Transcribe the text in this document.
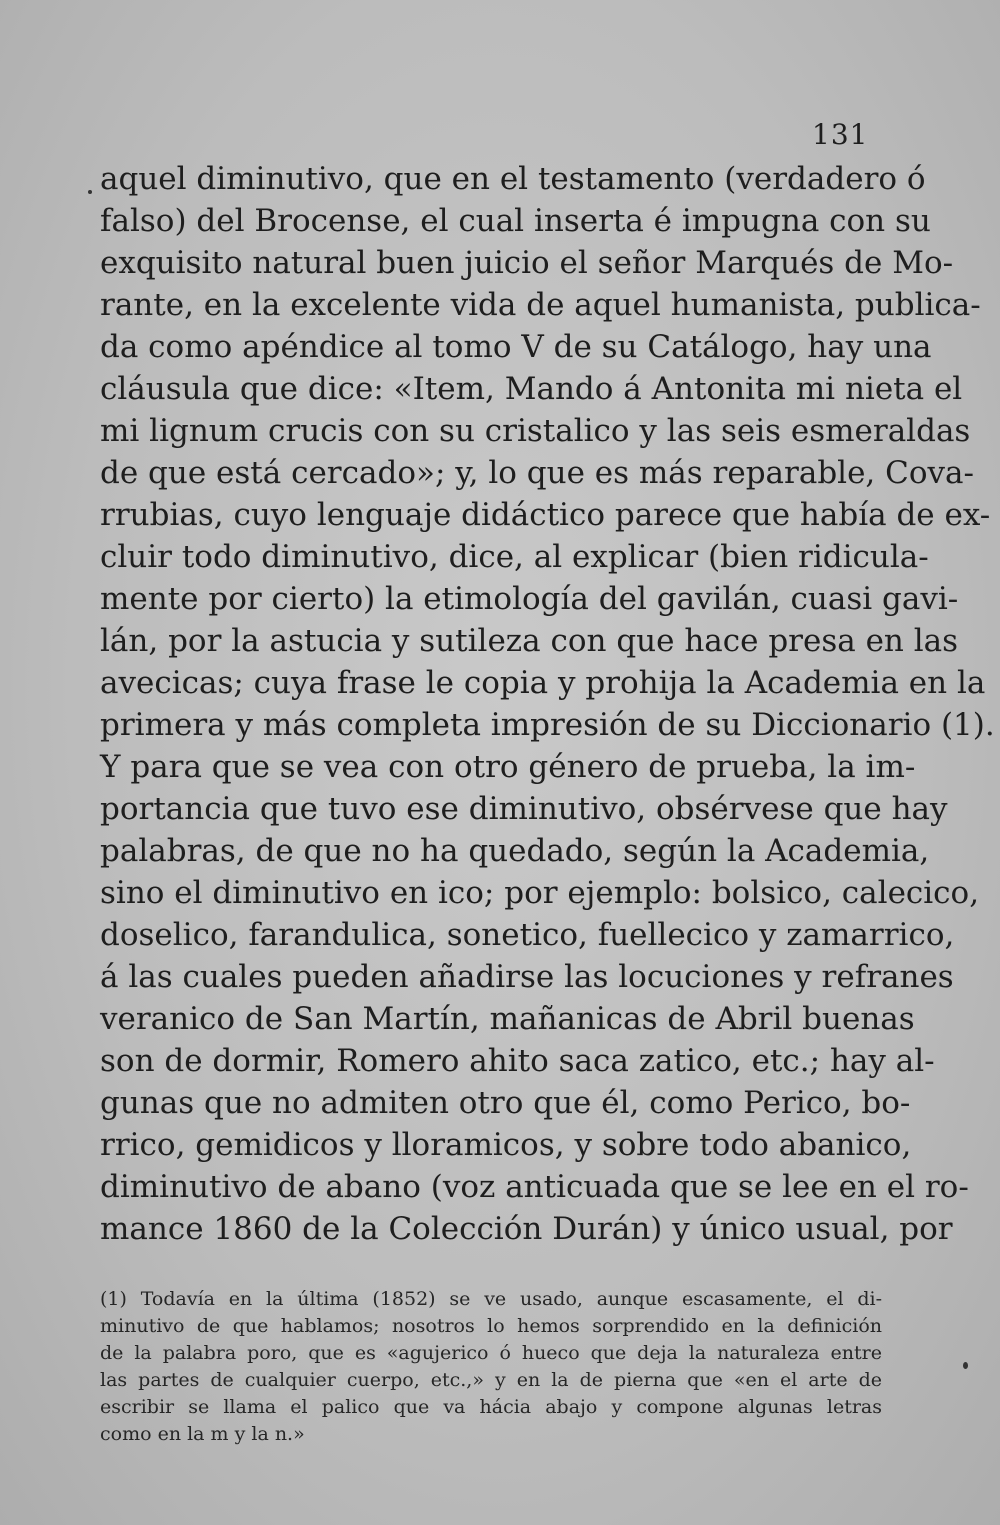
131
aquel diminutivo, que en el testamento (verdadero ó
falso) del Brocense, el cual inserta é impugna con su
exquisito natural buen juicio el señor Marqués de Mo-
rante, en la excelente vida de aquel humanista, publica-
da como apéndice al tomo V de su Catálogo, hay una
cláusula que dice: «Item, Mando á Antonita mi nieta el
mi lignum crucis con su cristalico y las seis esmeraldas
de que está cercado»; y, lo que es más reparable, Cova-
rrubias, cuyo lenguaje didáctico parece que había de ex-
cluir todo diminutivo, dice, al explicar (bien ridicula-
mente por cierto) la etimología del gavilán, cuasi gavi-
lán, por la astucia y sutileza con que hace presa en las
avecicas; cuya frase le copia y prohija la Academia en la
primera y más completa impresión de su Diccionario (1).
Y para que se vea con otro género de prueba, la im-
portancia que tuvo ese diminutivo, obsérvese que hay
palabras, de que no ha quedado, según la Academia,
sino el diminutivo en ico; por ejemplo: bolsico, calecico,
doselico, farandulica, sonetico, fuellecico y zamarrico,
á las cuales pueden añadirse las locuciones y refranes
veranico de San Martín, mañanicas de Abril buenas
son de dormir, Romero ahito saca zatico, etc.; hay al-
gunas que no admiten otro que él, como Perico, bo-
rrico, gemidicos y lloramicos, y sobre todo abanico,
diminutivo de abano (voz anticuada que se lee en el ro-
mance 1860 de la Colección Durán) y único usual, por
(1) Todavía en la última (1852) se ve usado, aunque escasamente, el di-
minutivo de que hablamos; nosotros lo hemos sorprendido en la definición
de la palabra poro, que es «agujerico ó hueco que deja la naturaleza entre
las partes de cualquier cuerpo, etc.,» y en la de pierna que «en el arte de
escribir se llama el palico que va hácia abajo y compone algunas letras
como en la m y la n.»
